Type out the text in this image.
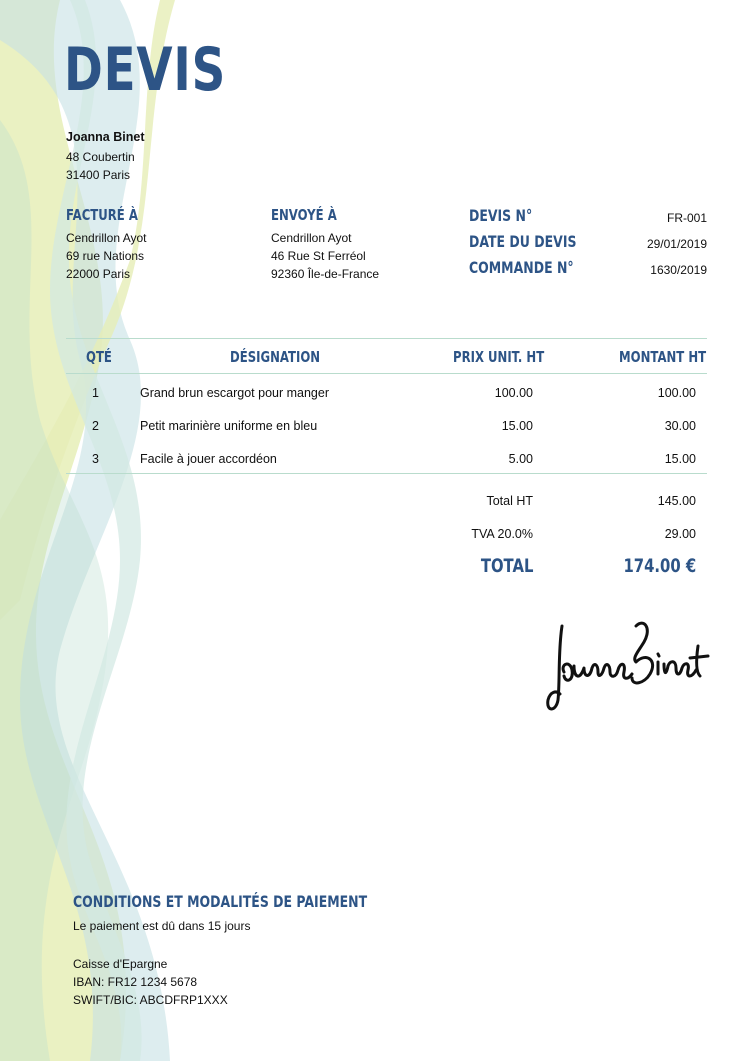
DEVIS
Joanna Binet
48 Coubertin
31400 Paris
FACTURÉ À
Cendrillon Ayot
69 rue Nations
22000 Paris
ENVOYÉ À
Cendrillon Ayot
46 Rue St Ferréol
92360 Île-de-France
DEVIS N°	FR-001
DATE DU DEVIS	29/01/2019
COMMANDE N°	1630/2019
QTÉ	DÉSIGNATION	PRIX UNIT. HT	MONTANT HT
1	Grand brun escargot pour manger	100.00	100.00
2	Petit marinière uniforme en bleu	15.00	30.00
3	Facile à jouer accordéon	5.00	15.00
Total HT	145.00
TVA 20.0%	29.00
TOTAL	174.00 €
CONDITIONS ET MODALITÉS DE PAIEMENT
Le paiement est dû dans 15 jours
Caisse d'Epargne
IBAN: FR12 1234 5678
SWIFT/BIC: ABCDFRP1XXX
